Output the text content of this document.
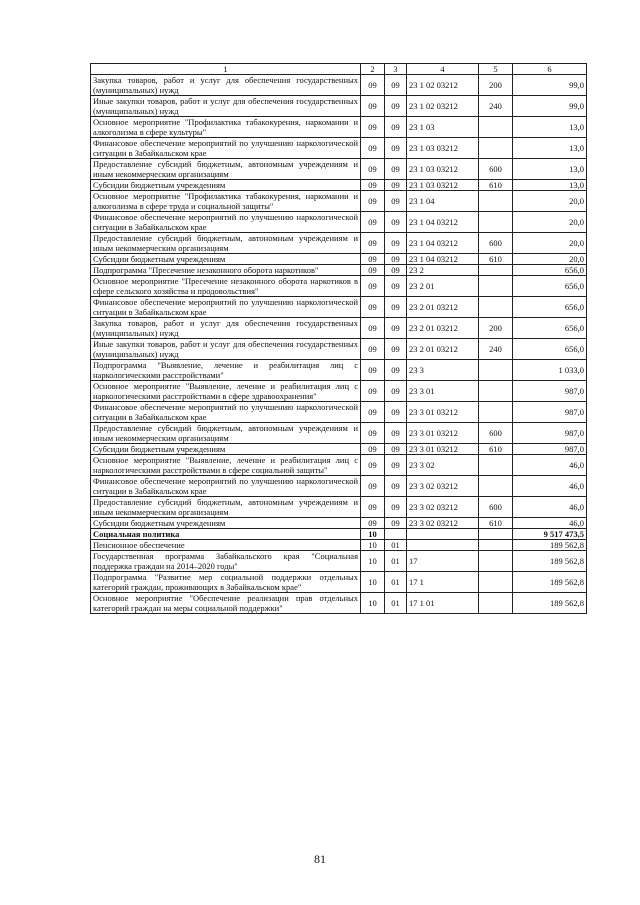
1	2	3	4	5	6
Закупка товаров, работ и услуг для обеспечения государственных (муниципальных) нужд	09	09	23 1 02 03212	200	99,0
Иные закупки товаров, работ и услуг для обеспечения государственных (муниципальных) нужд	09	09	23 1 02 03212	240	99,0
Основное мероприятие "Профилактика табакокурения, наркомании и алкоголизма в сфере культуры"	09	09	23 1 03		13,0
Финансовое обеспечение мероприятий по улучшению наркологической ситуации в Забайкальском крае	09	09	23 1 03 03212		13,0
Предоставление субсидий бюджетным, автономным учреждениям и иным некоммерческим организациям	09	09	23 1 03 03212	600	13,0
Субсидии бюджетным учреждениям	09	09	23 1 03 03212	610	13,0
Основное мероприятие "Профилактика табакокурения, наркомании и алкоголизма в сфере труда и социальной защиты"	09	09	23 1 04		20,0
Финансовое обеспечение мероприятий по улучшению наркологической ситуации в Забайкальском крае	09	09	23 1 04 03212		20,0
Предоставление субсидий бюджетным, автономным учреждениям и иным некоммерческим организациям	09	09	23 1 04 03212	600	20,0
Субсидии бюджетным учреждениям	09	09	23 1 04 03212	610	20,0
Подпрограмма "Пресечение незаконного оборота наркотиков"	09	09	23 2		656,0
Основное мероприятие "Пресечение незаконного оборота наркотиков в сфере сельского хозяйства и продовольствия"	09	09	23 2 01		656,0
Финансовое обеспечение мероприятий по улучшению наркологической ситуации в Забайкальском крае	09	09	23 2 01 03212		656,0
Закупка товаров, работ и услуг для обеспечения государственных (муниципальных) нужд	09	09	23 2 01 03212	200	656,0
Иные закупки товаров, работ и услуг для обеспечения государственных (муниципальных) нужд	09	09	23 2 01 03212	240	656,0
Подпрограмма "Выявление, лечение и реабилитация лиц с наркологическими расстройствами"	09	09	23 3		1 033,0
Основное мероприятие "Выявление, лечение и реабилитация лиц с наркологическими расстройствами в сфере здравоохранения"	09	09	23 3 01		987,0
Финансовое обеспечение мероприятий по улучшению наркологической ситуации в Забайкальском крае	09	09	23 3 01 03212		987,0
Предоставление субсидий бюджетным, автономным учреждениям и иным некоммерческим организациям	09	09	23 3 01 03212	600	987,0
Субсидии бюджетным учреждениям	09	09	23 3 01 03212	610	987,0
Основное мероприятие "Выявление, лечение и реабилитация лиц с наркологическими расстройствами в сфере социальной защиты"	09	09	23 3 02		46,0
Финансовое обеспечение мероприятий по улучшению наркологической ситуации в Забайкальском крае	09	09	23 3 02 03212		46,0
Предоставление субсидий бюджетным, автономным учреждениям и иным некоммерческим организациям	09	09	23 3 02 03212	600	46,0
Субсидии бюджетным учреждениям	09	09	23 3 02 03212	610	46,0
Социальная политика	10				9 517 473,5
Пенсионное обеспечение	10	01			189 562,8
Государственная программа Забайкальского края "Социальная поддержка граждан на 2014–2020 годы"	10	01	17		189 562,8
Подпрограмма "Развитие мер социальной поддержки отдельных категорий граждан, проживающих в Забайкальском крае"	10	01	17 1		189 562,8
Основное мероприятие "Обеспечение реализации прав отдельных категорий граждан на меры социальной поддержки"	10	01	17 1 01		189 562,8
81
